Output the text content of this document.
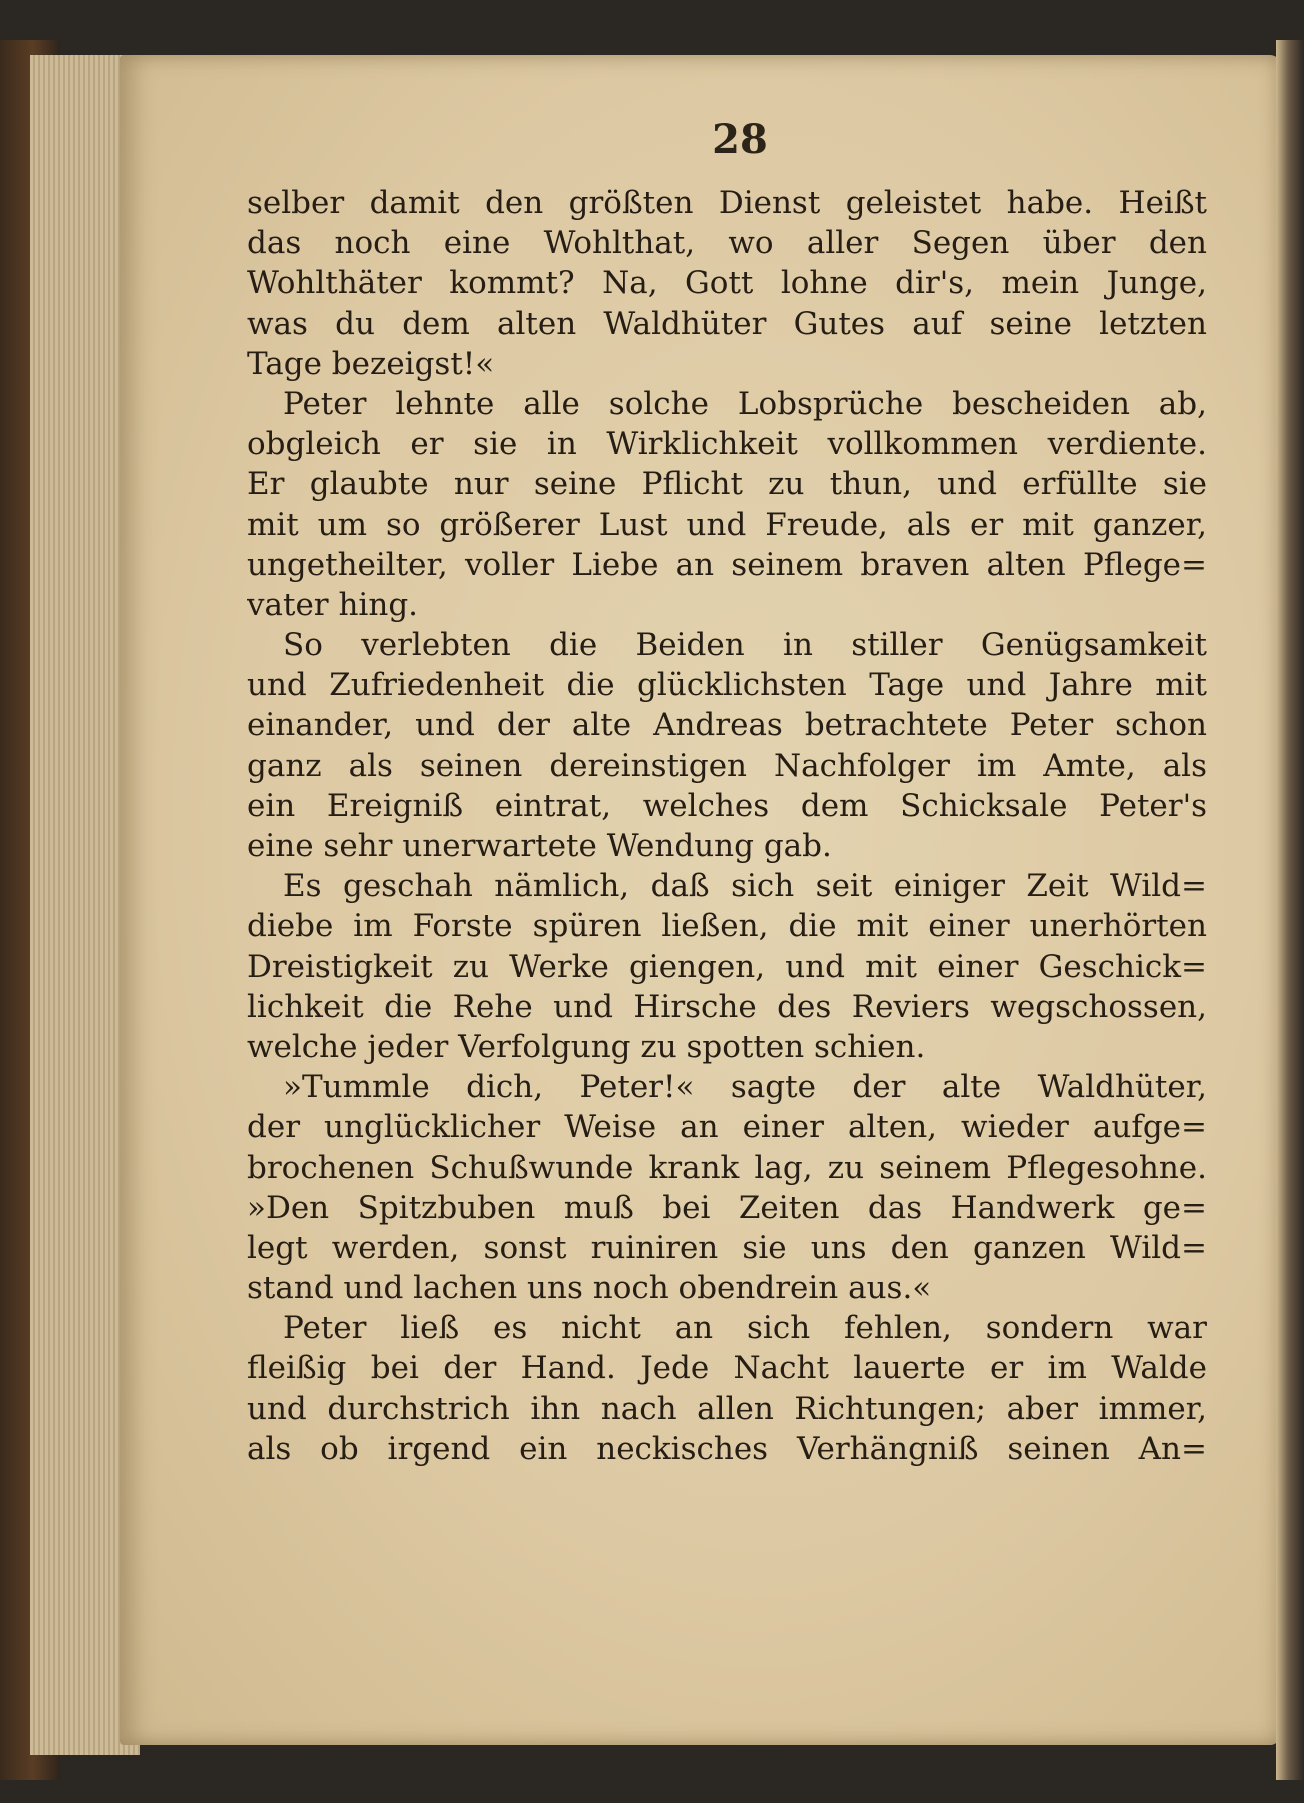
28
selber damit den größten Dienst geleistet habe. Heißt
das noch eine Wohlthat, wo aller Segen über den
Wohlthäter kommt? Na, Gott lohne dir's, mein Junge,
was du dem alten Waldhüter Gutes auf seine letzten
Tage bezeigst!«
Peter lehnte alle solche Lobsprüche bescheiden ab,
obgleich er sie in Wirklichkeit vollkommen verdiente.
Er glaubte nur seine Pflicht zu thun, und erfüllte sie
mit um so größerer Lust und Freude, als er mit ganzer,
ungetheilter, voller Liebe an seinem braven alten Pflege=
vater hing.
So verlebten die Beiden in stiller Genügsamkeit
und Zufriedenheit die glücklichsten Tage und Jahre mit
einander, und der alte Andreas betrachtete Peter schon
ganz als seinen dereinstigen Nachfolger im Amte, als
ein Ereigniß eintrat, welches dem Schicksale Peter's
eine sehr unerwartete Wendung gab.
Es geschah nämlich, daß sich seit einiger Zeit Wild=
diebe im Forste spüren ließen, die mit einer unerhörten
Dreistigkeit zu Werke giengen, und mit einer Geschick=
lichkeit die Rehe und Hirsche des Reviers wegschossen,
welche jeder Verfolgung zu spotten schien.
»Tummle dich, Peter!« sagte der alte Waldhüter,
der unglücklicher Weise an einer alten, wieder aufge=
brochenen Schußwunde krank lag, zu seinem Pflegesohne.
»Den Spitzbuben muß bei Zeiten das Handwerk ge=
legt werden, sonst ruiniren sie uns den ganzen Wild=
stand und lachen uns noch obendrein aus.«
Peter ließ es nicht an sich fehlen, sondern war
fleißig bei der Hand. Jede Nacht lauerte er im Walde
und durchstrich ihn nach allen Richtungen; aber immer,
als ob irgend ein neckisches Verhängniß seinen An=
